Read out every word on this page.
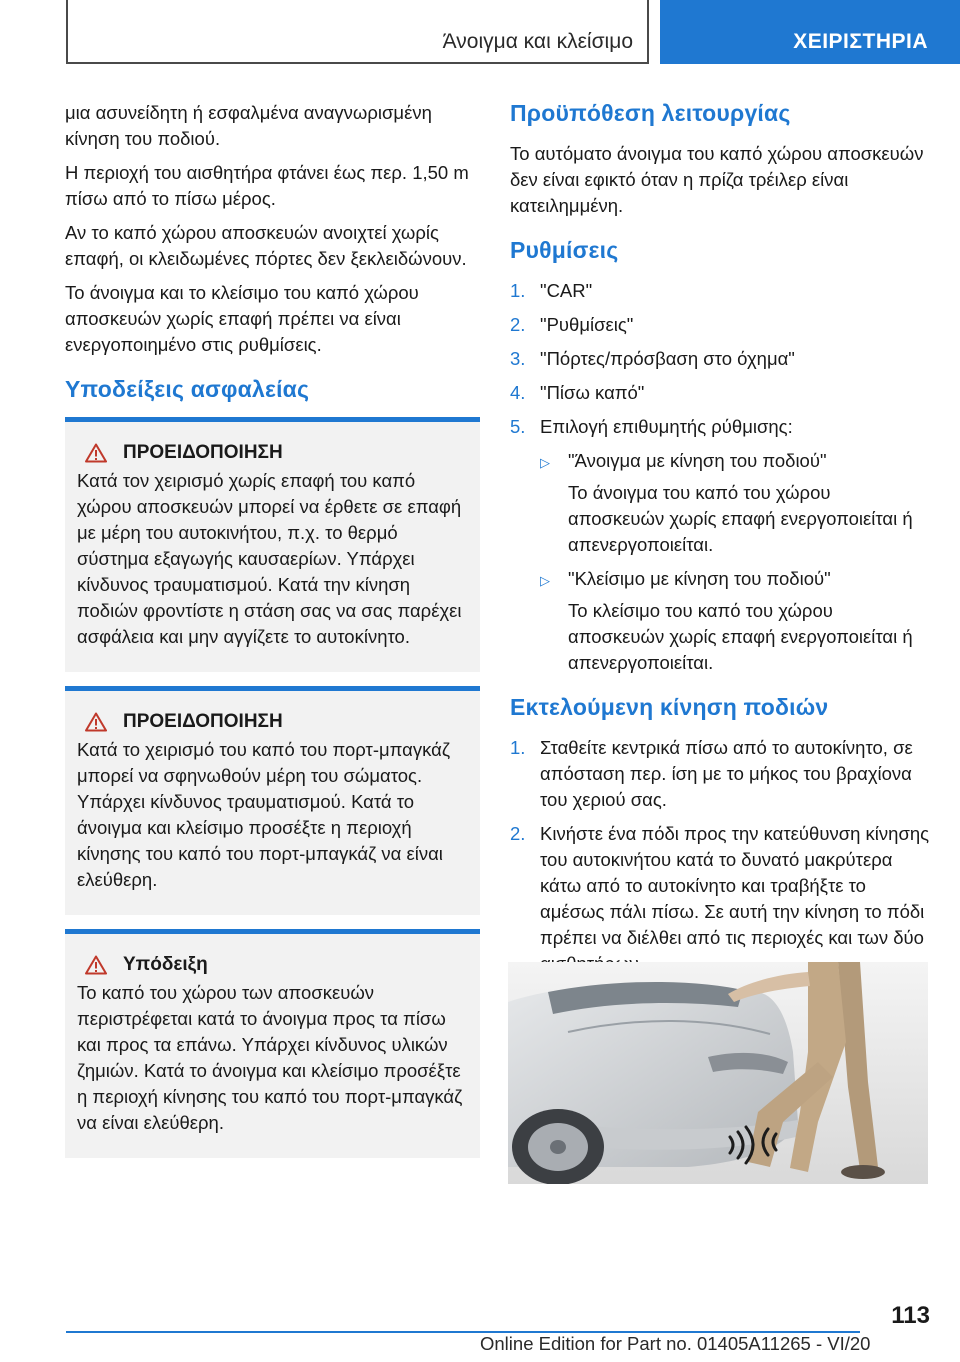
Άνοιγμα και κλείσιμο	ΧΕΙΡΙΣΤΗΡΙΑ

μια ασυνείδητη ή εσφαλμένα αναγνωρισμένη κίνηση του ποδιού.

Η περιοχή του αισθητήρα φτάνει έως περ. 1,50 m πίσω από το πίσω μέρος.

Αν το καπό χώρου αποσκευών ανοιχτεί χωρίς επαφή, οι κλειδωμένες πόρτες δεν ξεκλειδώνουν.

Το άνοιγμα και το κλείσιμο του καπό χώρου αποσκευών χωρίς επαφή πρέπει να είναι ενεργοποιημένο στις ρυθμίσεις.

Υποδείξεις ασφαλείας
ΠΡΟΕΙΔΟΠΟΙΗΣΗ

Κατά τον χειρισμό χωρίς επαφή του καπό χώρου αποσκευών μπορεί να έρθετε σε επαφή με μέρη του αυτοκινήτου, π.χ. το θερμό σύστημα εξαγωγής καυσαερίων. Υπάρχει κίνδυνος τραυματισμού. Κατά την κίνηση ποδιών φροντίστε η στάση σας να σας παρέχει ασφάλεια και μην αγγίζετε το αυτοκίνητο.

ΠΡΟΕΙΔΟΠΟΙΗΣΗ

Κατά το χειρισμό του καπό του πορτ-μπαγκάζ μπορεί να σφηνωθούν μέρη του σώματος. Υπάρχει κίνδυνος τραυματισμού. Κατά το άνοιγμα και κλείσιμο προσέξτε η περιοχή κίνησης του καπό του πορτ-μπαγκάζ να είναι ελεύθερη.

Υπόδειξη

Το καπό του χώρου των αποσκευών περιστρέφεται κατά το άνοιγμα προς τα πίσω και προς τα επάνω. Υπάρχει κίνδυνος υλικών ζημιών. Κατά το άνοιγμα και κλείσιμο προσέξτε η περιοχή κίνησης του καπό του πορτ-μπαγκάζ να είναι ελεύθερη.

Προϋπόθεση λειτουργίας

Το αυτόματο άνοιγμα του καπό χώρου αποσκευών δεν είναι εφικτό όταν η πρίζα τρέιλερ είναι κατειλημμένη.

Ρυθμίσεις
1. "CAR"
2. "Ρυθμίσεις"
3. "Πόρτες/πρόσβαση στο όχημα"
4. "Πίσω καπό"
5. Επιλογή επιθυμητής ρύθμισης:
▷ "Άνοιγμα με κίνηση του ποδιού"
Το άνοιγμα του καπό του χώρου αποσκευών χωρίς επαφή ενεργοποιείται ή απενεργοποιείται.
▷ "Κλείσιμο με κίνηση του ποδιού"
Το κλείσιμο του καπό του χώρου αποσκευών χωρίς επαφή ενεργοποιείται ή απενεργοποιείται.
Εκτελούμενη κίνηση ποδιών
1. Σταθείτε κεντρικά πίσω από το αυτοκίνητο, σε απόσταση περ. ίση με το μήκος του βραχίονα του χεριού σας.
2. Κινήστε ένα πόδι προς την κατεύθυνση κίνησης του αυτοκινήτου κατά το δυνατό μακρύτερα κάτω από το αυτοκίνητο και τραβήξτε το αμέσως πάλι πίσω. Σε αυτή την κίνηση το πόδι πρέπει να διέλθει από τις περιοχές και των δύο
113
Online Edition for Part no. 01405A11265 - VI/20
